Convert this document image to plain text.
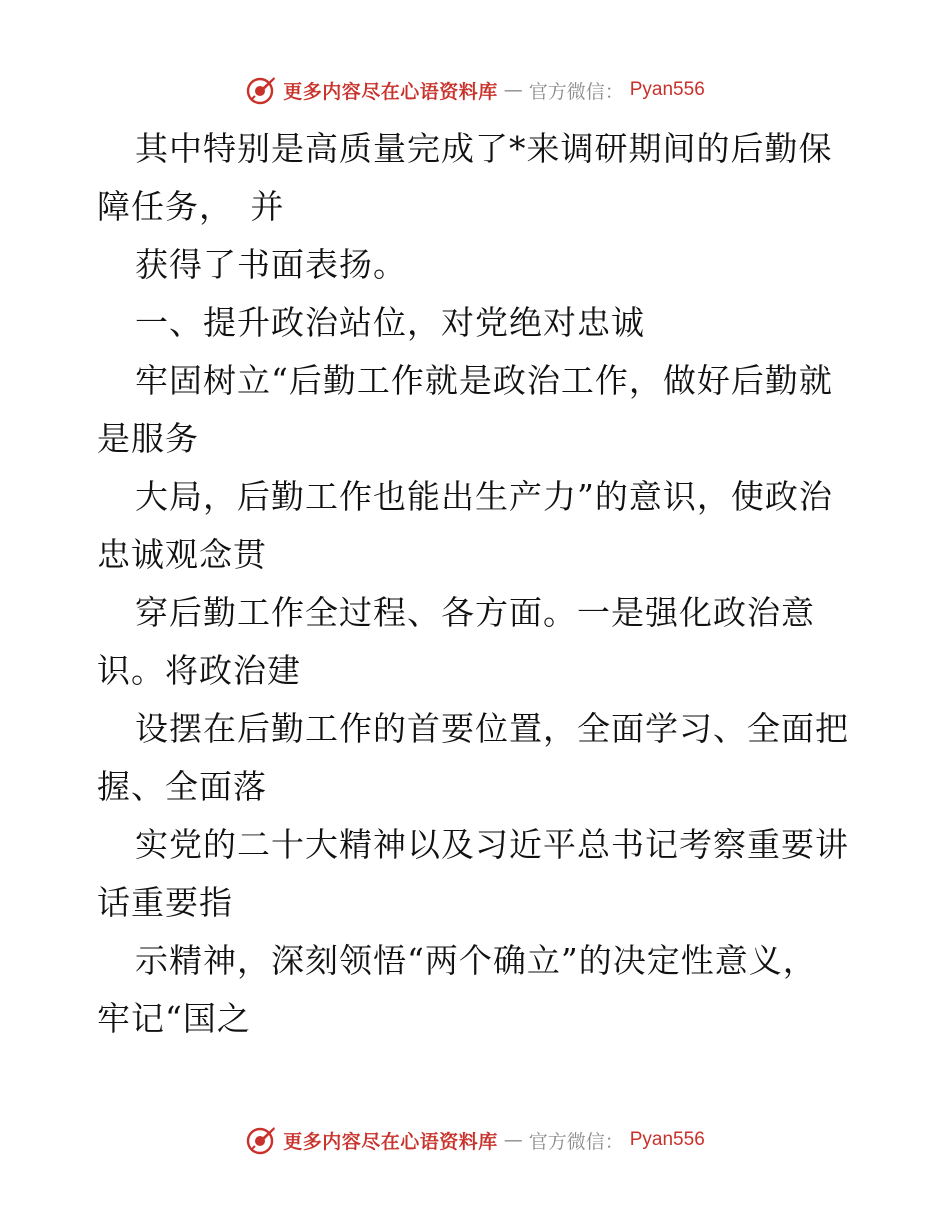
更多内容尽在心语资料库 — 官方微信： Pyan556
其中特别是高质量完成了*来调研期间的后勤保
障任务，　并
获得了书面表扬。
一、提升政治站位，对党绝对忠诚
牢固树立“后勤工作就是政治工作，做好后勤就
是服务
大局，后勤工作也能出生产力”的意识，使政治
忠诚观念贯
穿后勤工作全过程、各方面。一是强化政治意
识。将政治建
设摆在后勤工作的首要位置，全面学习、全面把
握、全面落
实党的二十大精神以及习近平总书记考察重要讲
话重要指
示精神，深刻领悟“两个确立”的决定性意义，
牢记“国之
更多内容尽在心语资料库 — 官方微信： Pyan556
